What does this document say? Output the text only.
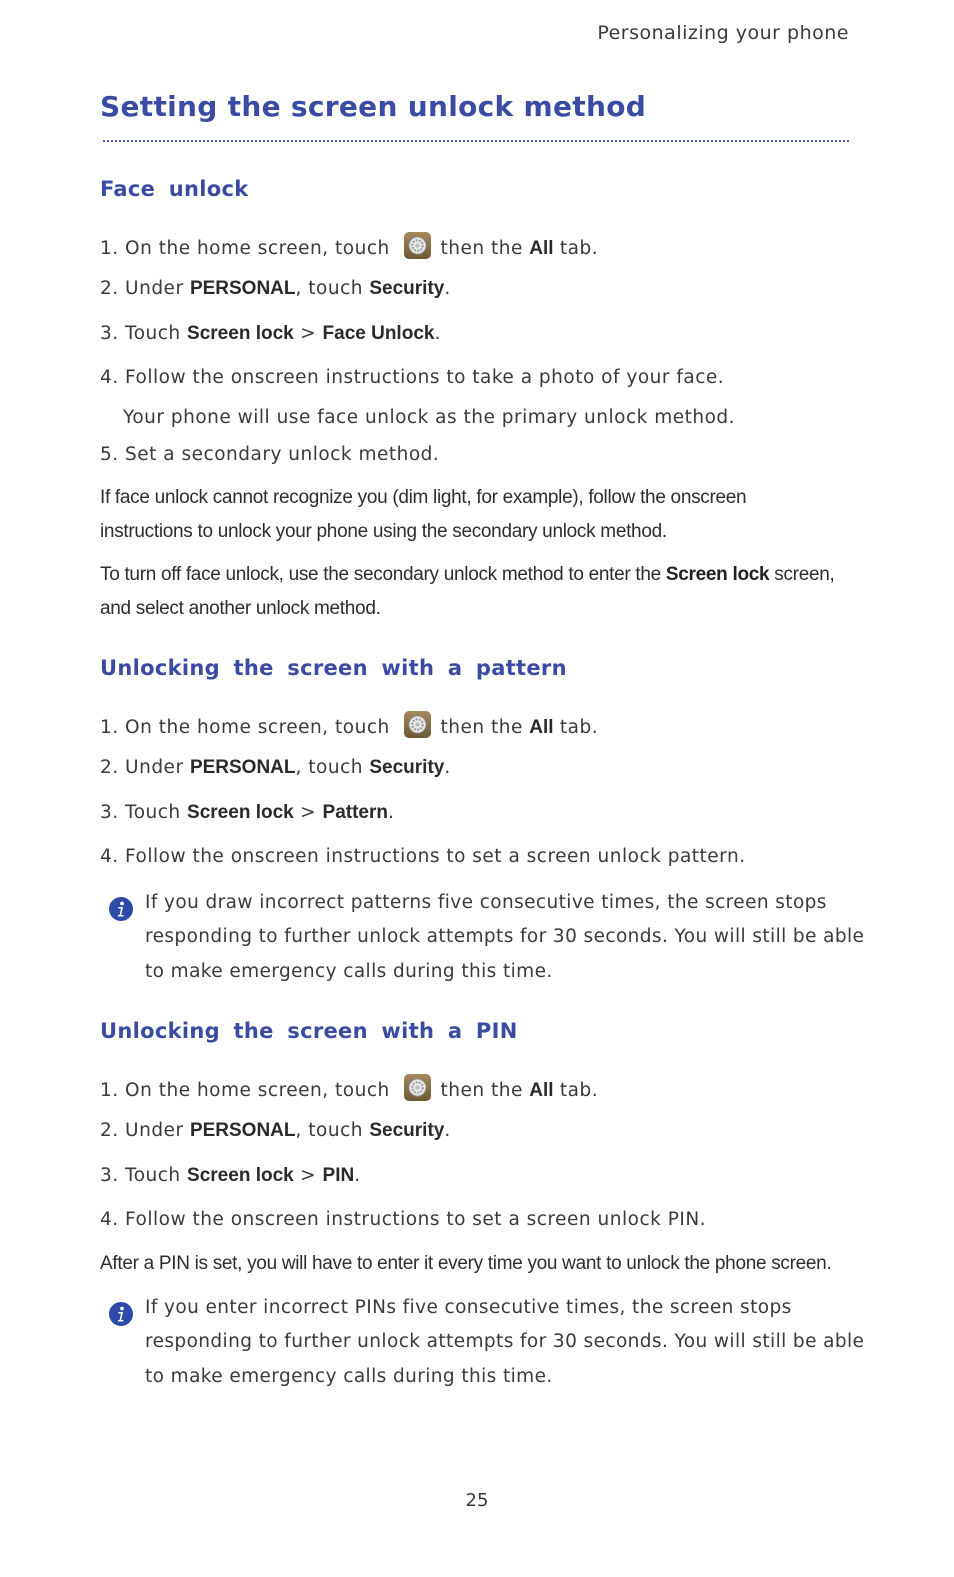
Personalizing your phone
Setting the screen unlock method
Face unlock
1. On the home screen, touch	then the All tab.
2. Under PERSONAL, touch Security.
3. Touch Screen lock > Face Unlock.
4. Follow the onscreen instructions to take a photo of your face.
Your phone will use face unlock as the primary unlock method.
5. Set a secondary unlock method.
If face unlock cannot recognize you (dim light, for example), follow the onscreen
instructions to unlock your phone using the secondary unlock method.
To turn off face unlock, use the secondary unlock method to enter the Screen lock screen,
and select another unlock method.
Unlocking the screen with a pattern
1. On the home screen, touch	then the All tab.
2. Under PERSONAL, touch Security.
3. Touch Screen lock > Pattern.
4. Follow the onscreen instructions to set a screen unlock pattern.
If you draw incorrect patterns five consecutive times, the screen stops
responding to further unlock attempts for 30 seconds. You will still be able
to make emergency calls during this time.
Unlocking the screen with a PIN
1. On the home screen, touch	then the All tab.
2. Under PERSONAL, touch Security.
3. Touch Screen lock > PIN.
4. Follow the onscreen instructions to set a screen unlock PIN.
After a PIN is set, you will have to enter it every time you want to unlock the phone screen.
If you enter incorrect PINs five consecutive times, the screen stops
responding to further unlock attempts for 30 seconds. You will still be able
to make emergency calls during this time.
25
